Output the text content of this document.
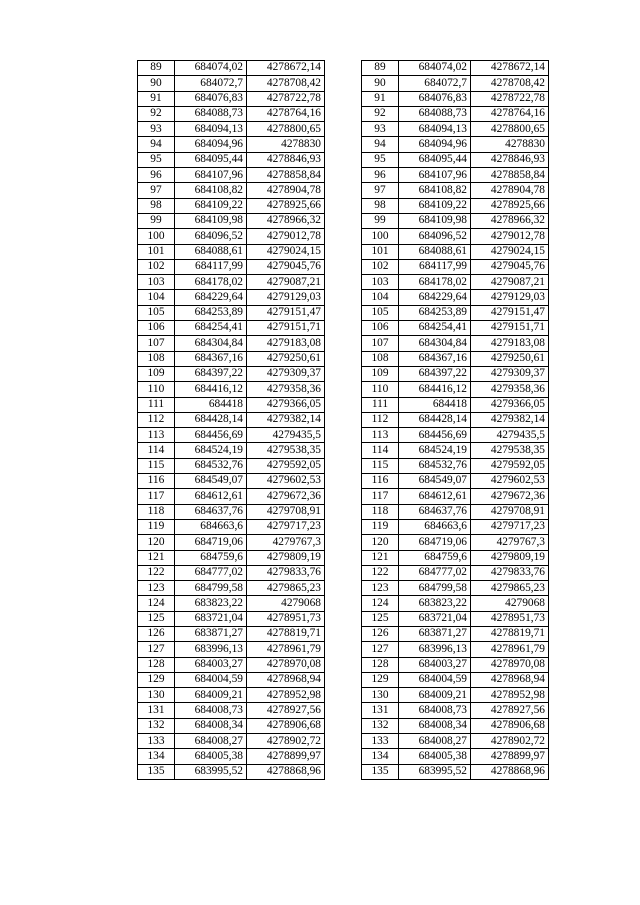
89	684074,02	4278672,14
90	684072,7	4278708,42
91	684076,83	4278722,78
92	684088,73	4278764,16
93	684094,13	4278800,65
94	684094,96	4278830
95	684095,44	4278846,93
96	684107,96	4278858,84
97	684108,82	4278904,78
98	684109,22	4278925,66
99	684109,98	4278966,32
100	684096,52	4279012,78
101	684088,61	4279024,15
102	684117,99	4279045,76
103	684178,02	4279087,21
104	684229,64	4279129,03
105	684253,89	4279151,47
106	684254,41	4279151,71
107	684304,84	4279183,08
108	684367,16	4279250,61
109	684397,22	4279309,37
110	684416,12	4279358,36
111	684418	4279366,05
112	684428,14	4279382,14
113	684456,69	4279435,5
114	684524,19	4279538,35
115	684532,76	4279592,05
116	684549,07	4279602,53
117	684612,61	4279672,36
118	684637,76	4279708,91
119	684663,6	4279717,23
120	684719,06	4279767,3
121	684759,6	4279809,19
122	684777,02	4279833,76
123	684799,58	4279865,23
124	683823,22	4279068
125	683721,04	4278951,73
126	683871,27	4278819,71
127	683996,13	4278961,79
128	684003,27	4278970,08
129	684004,59	4278968,94
130	684009,21	4278952,98
131	684008,73	4278927,56
132	684008,34	4278906,68
133	684008,27	4278902,72
134	684005,38	4278899,97
135	683995,52	4278868,96
89	684074,02	4278672,14
90	684072,7	4278708,42
91	684076,83	4278722,78
92	684088,73	4278764,16
93	684094,13	4278800,65
94	684094,96	4278830
95	684095,44	4278846,93
96	684107,96	4278858,84
97	684108,82	4278904,78
98	684109,22	4278925,66
99	684109,98	4278966,32
100	684096,52	4279012,78
101	684088,61	4279024,15
102	684117,99	4279045,76
103	684178,02	4279087,21
104	684229,64	4279129,03
105	684253,89	4279151,47
106	684254,41	4279151,71
107	684304,84	4279183,08
108	684367,16	4279250,61
109	684397,22	4279309,37
110	684416,12	4279358,36
111	684418	4279366,05
112	684428,14	4279382,14
113	684456,69	4279435,5
114	684524,19	4279538,35
115	684532,76	4279592,05
116	684549,07	4279602,53
117	684612,61	4279672,36
118	684637,76	4279708,91
119	684663,6	4279717,23
120	684719,06	4279767,3
121	684759,6	4279809,19
122	684777,02	4279833,76
123	684799,58	4279865,23
124	683823,22	4279068
125	683721,04	4278951,73
126	683871,27	4278819,71
127	683996,13	4278961,79
128	684003,27	4278970,08
129	684004,59	4278968,94
130	684009,21	4278952,98
131	684008,73	4278927,56
132	684008,34	4278906,68
133	684008,27	4278902,72
134	684005,38	4278899,97
135	683995,52	4278868,96
